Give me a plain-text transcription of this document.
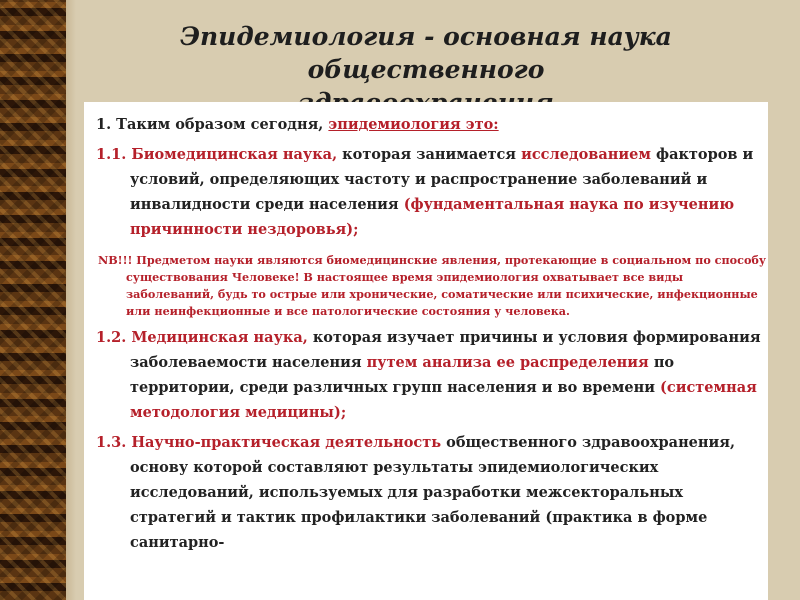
Эпидемиология - основная наука общественного

1. Таким образом сегодня, эпидемиология это:

1.1. Биомедицинская наука, которая занимается исследованием факторов и условий, определяющих частоту и распространение заболеваний и инвалидности среди населения (фундаментальная наука по изучению причинности нездоровья);

NB!!! Предметом науки являются биомедицинские явления, протекающие в социальном по способу существования Человеке! В настоящее время эпидемиология охватывает все виды заболеваний, будь то острые или хронические, соматические или психические, инфекционные или неинфекционные и все патологические состояния у человека.

1.2. Медицинская наука, которая изучает причины и условия формирования заболеваемости населения путем анализа ее распределения по территории, среди различных групп населения и во времени (системная методология медицины);

1.3. Научно-практическая деятельность общественного здравоохранения, основу которой составляют результаты эпидемиологических исследований, используемых для разработки межсекторальных стратегий и тактик профилактики заболеваний (практика в форме санитарно-
